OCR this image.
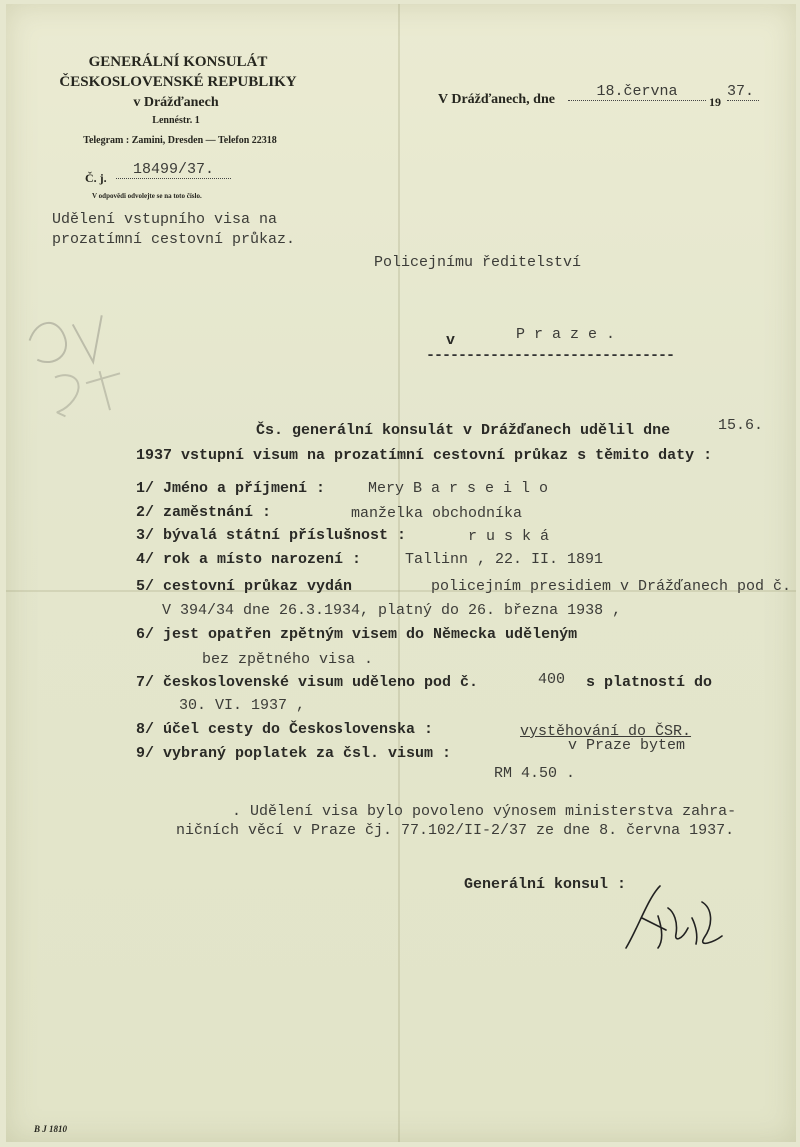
GENERÁLNÍ KONSULÁT
ČESKOSLOVENSKÉ REPUBLIKY
v Drážďanech
Lennéstr. 1
Telegram : Zamini, Dresden — Telefon 22318
Č. j.	18499/37.
V odpovědi odvolejte se na toto číslo.
V Drážďanech, dne	18.června
19
37.
Udělení vstupního visa na
prozatímní cestovní průkaz.
Policejnímu ředitelství
v	P r a z e .
-------------------------------
Čs. generální konsulát v Drážďanech udělil dne	15.6.
1937 vstupní visum na prozatímní cestovní průkaz s těmito daty :
1/ Jméno a příjmení :	Mery B a r s e i l o
2/ zaměstnání :	manželka obchodníka
3/ bývalá státní příslušnost :	r u s k á
4/ rok a místo narození :	Tallinn , 22. II. 1891
5/ cestovní průkaz vydán	policejním presidiem v Drážďanech pod č.
V 394/34 dne 26.3.1934, platný do 26. března 1938 ,
6/ jest opatřen zpětným visem do Německa uděleným
bez zpětného visa .
7/ československé visum uděleno pod č.	400 s platností do
30. VI. 1937 ,
8/ účel cesty do Československa :	vystěhování do ČSR.
v Praze bytem
9/ vybraný poplatek za čsl. visum :
RM 4.50 .
. Udělení visa bylo povoleno výnosem ministerstva zahra-
ničních věcí v Praze čj. 77.102/II-2/37 ze dne 8. června 1937.
Generální konsul :
B J 1810
